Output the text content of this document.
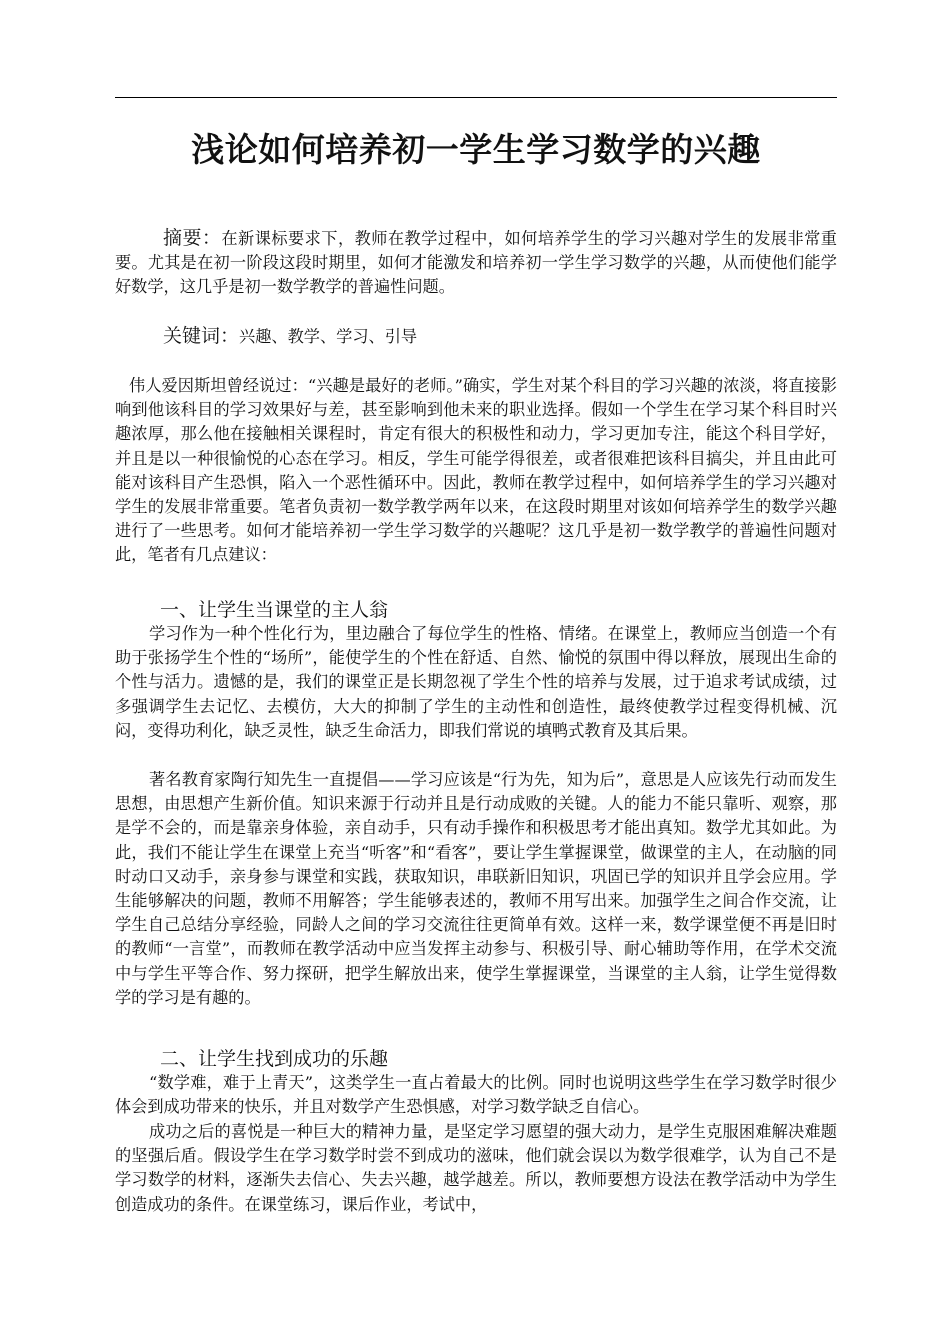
浅论如何培养初一学生学习数学的兴趣
摘要：在新课标要求下，教师在教学过程中，如何培养学生的学习兴趣对学生的发展非常重要。尤其是在初一阶段这段时期里，如何才能激发和培养初一学生学习数学的兴趣，从而使他们能学好数学，这几乎是初一数学教学的普遍性问题。
关键词：兴趣、教学、学习、引导
伟人爱因斯坦曾经说过：“兴趣是最好的老师。”确实，学生对某个科目的学习兴趣的浓淡，将直接影响到他该科目的学习效果好与差，甚至影响到他未来的职业选择。假如一个学生在学习某个科目时兴趣浓厚，那么他在接触相关课程时，肯定有很大的积极性和动力，学习更加专注，能这个科目学好，并且是以一种很愉悦的心态在学习。相反，学生可能学得很差，或者很难把该科目搞尖，并且由此可能对该科目产生恐惧，陷入一个恶性循环中。因此，教师在教学过程中，如何培养学生的学习兴趣对学生的发展非常重要。笔者负责初一数学教学两年以来，在这段时期里对该如何培养学生的数学兴趣进行了一些思考。如何才能培养初一学生学习数学的兴趣呢？这几乎是初一数学教学的普遍性问题对此，笔者有几点建议：
一、让学生当课堂的主人翁
学习作为一种个性化行为，里边融合了每位学生的性格、情绪。在课堂上，教师应当创造一个有助于张扬学生个性的“场所”，能使学生的个性在舒适、自然、愉悦的氛围中得以释放，展现出生命的个性与活力。遗憾的是，我们的课堂正是长期忽视了学生个性的培养与发展，过于追求考试成绩，过多强调学生去记忆、去模仿，大大的抑制了学生的主动性和创造性，最终使教学过程变得机械、沉闷，变得功利化，缺乏灵性，缺乏生命活力，即我们常说的填鸭式教育及其后果。
著名教育家陶行知先生一直提倡——学习应该是“行为先，知为后”，意思是人应该先行动而发生思想，由思想产生新价值。知识来源于行动并且是行动成败的关键。人的能力不能只靠听、观察，那是学不会的，而是靠亲身体验，亲自动手，只有动手操作和积极思考才能出真知。数学尤其如此。为此，我们不能让学生在课堂上充当“听客”和“看客”，要让学生掌握课堂，做课堂的主人，在动脑的同时动口又动手，亲身参与课堂和实践，获取知识，串联新旧知识，巩固已学的知识并且学会应用。学生能够解决的问题，教师不用解答；学生能够表述的，教师不用写出来。加强学生之间合作交流，让学生自己总结分享经验，同龄人之间的学习交流往往更简单有效。这样一来，数学课堂便不再是旧时的教师“一言堂”，而教师在教学活动中应当发挥主动参与、积极引导、耐心辅助等作用，在学术交流中与学生平等合作、努力探研，把学生解放出来，使学生掌握课堂，当课堂的主人翁，让学生觉得数学的学习是有趣的。
二、让学生找到成功的乐趣
“数学难，难于上青天”，这类学生一直占着最大的比例。同时也说明这些学生在学习数学时很少体会到成功带来的快乐，并且对数学产生恐惧感，对学习数学缺乏自信心。
成功之后的喜悦是一种巨大的精神力量，是坚定学习愿望的强大动力，是学生克服困难解决难题的坚强后盾。假设学生在学习数学时尝不到成功的滋味，他们就会误以为数学很难学，认为自己不是学习数学的材料，逐渐失去信心、失去兴趣，越学越差。所以，教师要想方设法在教学活动中为学生创造成功的条件。在课堂练习，课后作业，考试中，
